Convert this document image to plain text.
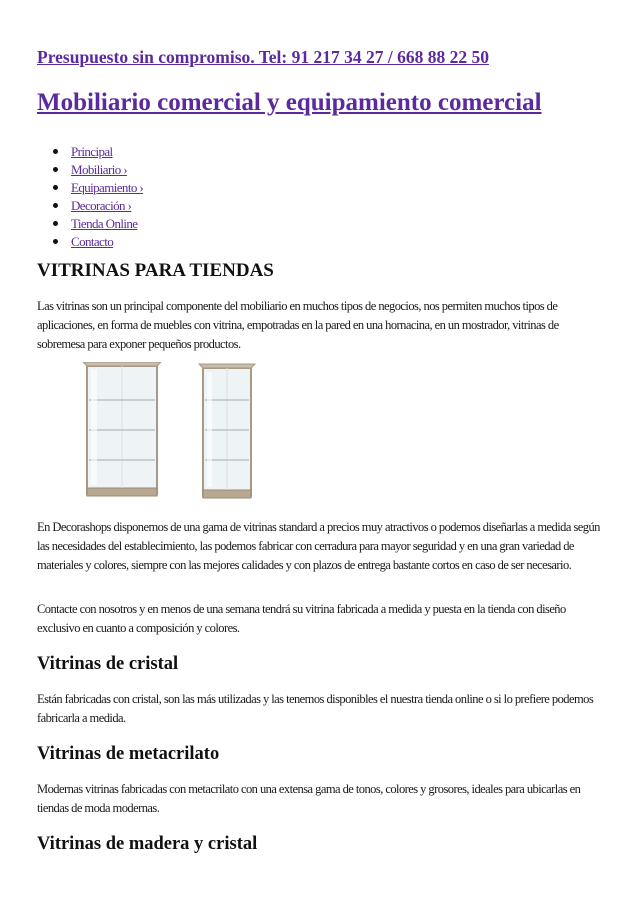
Presupuesto sin compromiso. Tel: 91 217 34 27 / 668 88 22 50
Mobiliario comercial y equipamiento comercial
Principal
Mobiliario ›
Equipamiento ›
Decoración ›
Tienda Online
Contacto
VITRINAS PARA TIENDAS

Las vitrinas son un principal componente del mobiliario en muchos tipos de negocios, nos permiten muchos tipos de aplicaciones, en forma de muebles con vitrina, empotradas en la pared en una hornacina, en un mostrador, vitrinas de sobremesa para exponer pequeños productos.

En Decorashops disponemos de una gama de vitrinas standard a precios muy atractivos o podemos diseñarlas a medida según las necesidades del establecimiento, las podemos fabricar con cerradura para mayor seguridad y en una gran variedad de materiales y colores, siempre con las mejores calidades y con plazos de entrega bastante cortos en caso de ser necesario.

Contacte con nosotros y en menos de una semana tendrá su vitrina fabricada a medida y puesta en la tienda con diseño exclusivo en cuanto a composición y colores.

Vitrinas de cristal

Están fabricadas con cristal, son las más utilizadas y las tenemos disponibles el nuestra tienda online o si lo prefiere podemos fabricarla a medida.

Vitrinas de metacrilato

Modernas vitrinas fabricadas con metacrilato con una extensa gama de tonos, colores y grosores, ideales para ubicarlas en tiendas de moda modernas.

Vitrinas de madera y cristal
